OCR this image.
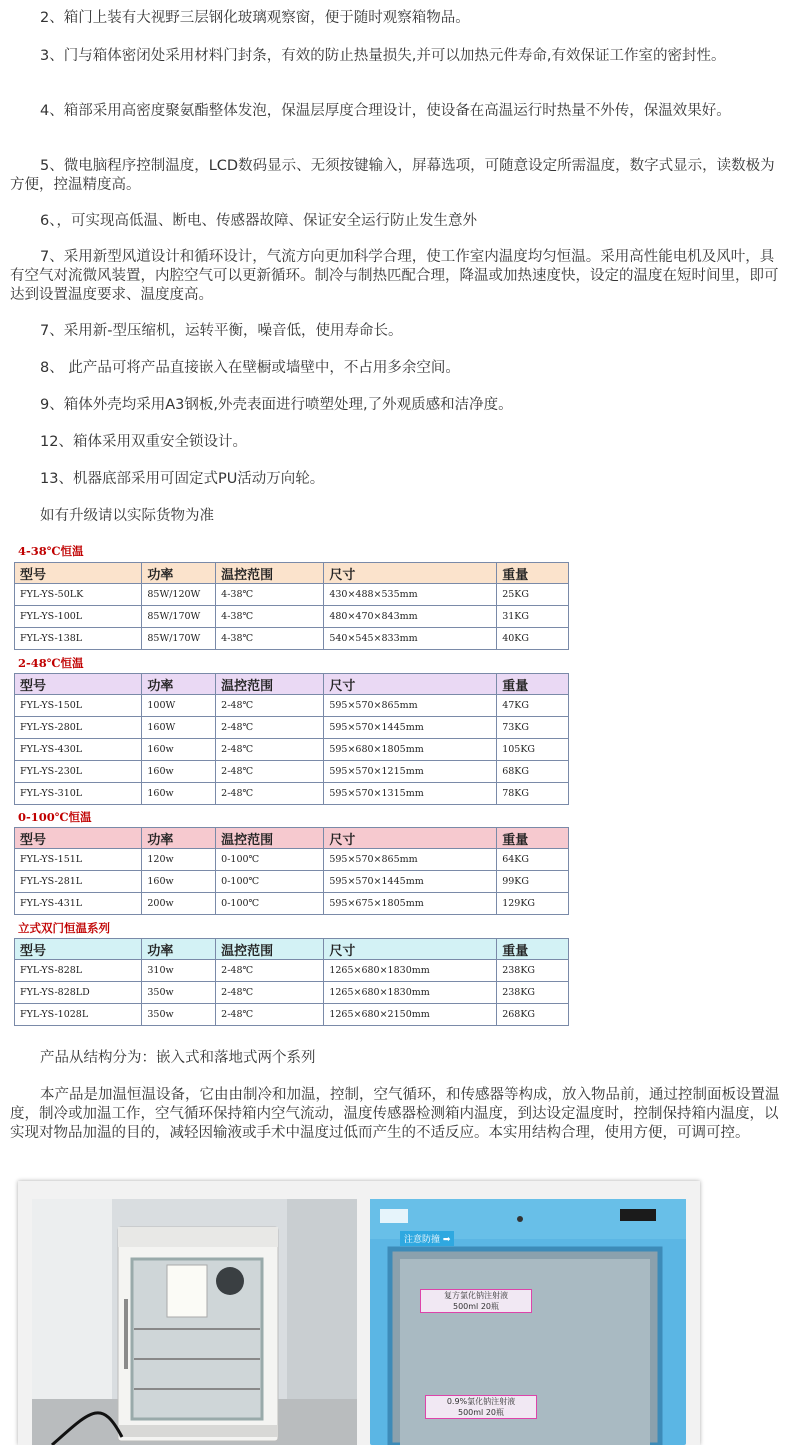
2、箱门上装有大视野三层钢化玻璃观察窗，便于随时观察箱物品。
3、门与箱体密闭处采用材料门封条，有效的防止热量损失,并可以加热元件寿命,有效保证工作室的密封性。
4、箱部采用高密度聚氨酯整体发泡，保温层厚度合理设计，使设备在高温运行时热量不外传，保温效果好。
5、微电脑程序控制温度，LCD数码显示、无须按键输入，屏幕选项，可随意设定所需温度，数字式显示，读数极为方便，控温精度高。
6、，可实现高低温、断电、传感器故障、保证安全运行防止发生意外
7、采用新型风道设计和循环设计，气流方向更加科学合理，使工作室内温度均匀恒温。采用高性能电机及风叶，具有空气对流微风装置，内腔空气可以更新循环。制冷与制热匹配合理，降温或加热速度快，设定的温度在短时间里，即可达到设置温度要求、温度度高。
7、采用新-型压缩机，运转平衡，噪音低，使用寿命长。
8、 此产品可将产品直接嵌入在壁橱或墙壁中，不占用多余空间。
9、箱体外壳均采用A3钢板,外壳表面进行喷塑处理,了外观质感和洁净度。
12、箱体采用双重安全锁设计。
13、机器底部采用可固定式PU活动万向轮。
如有升级请以实际货物为准
4-38℃恒温
型号	功率	温控范围	尺寸	重量
FYL-YS-50LK	85W/120W	4-38℃	430×488×535mm	25KG
FYL-YS-100L	85W/170W	4-38℃	480×470×843mm	31KG
FYL-YS-138L	85W/170W	4-38℃	540×545×833mm	40KG
2-48℃恒温
型号	功率	温控范围	尺寸	重量
FYL-YS-150L	100W	2-48℃	595×570×865mm	47KG
FYL-YS-280L	160W	2-48℃	595×570×1445mm	73KG
FYL-YS-430L	160w	2-48℃	595×680×1805mm	105KG
FYL-YS-230L	160w	2-48℃	595×570×1215mm	68KG
FYL-YS-310L	160w	2-48℃	595×570×1315mm	78KG
0-100℃恒温
型号	功率	温控范围	尺寸	重量
FYL-YS-151L	120w	0-100℃	595×570×865mm	64KG
FYL-YS-281L	160w	0-100℃	595×570×1445mm	99KG
FYL-YS-431L	200w	0-100℃	595×675×1805mm	129KG
立式双门恒温系列
型号	功率	温控范围	尺寸	重量
FYL-YS-828L	310w	2-48℃	1265×680×1830mm	238KG
FYL-YS-828LD	350w	2-48℃	1265×680×1830mm	238KG
FYL-YS-1028L	350w	2-48℃	1265×680×2150mm	268KG
产品从结构分为：嵌入式和落地式两个系列
本产品是加温恒温设备，它由由制冷和加温，控制，空气循环，和传感器等构成，放入物品前，通过控制面板设置温度，制冷或加温工作，空气循环保持箱内空气流动，温度传感器检测箱内温度，到达设定温度时，控制保持箱内温度，以实现对物品加温的目的，减轻因输液或手术中温度过低而产生的不适反应。本实用结构合理，使用方便，可调可控。
注意防撞 ➡
复方氯化钠注射液
500ml 20瓶
0.9%氯化钠注射液
500ml 20瓶
